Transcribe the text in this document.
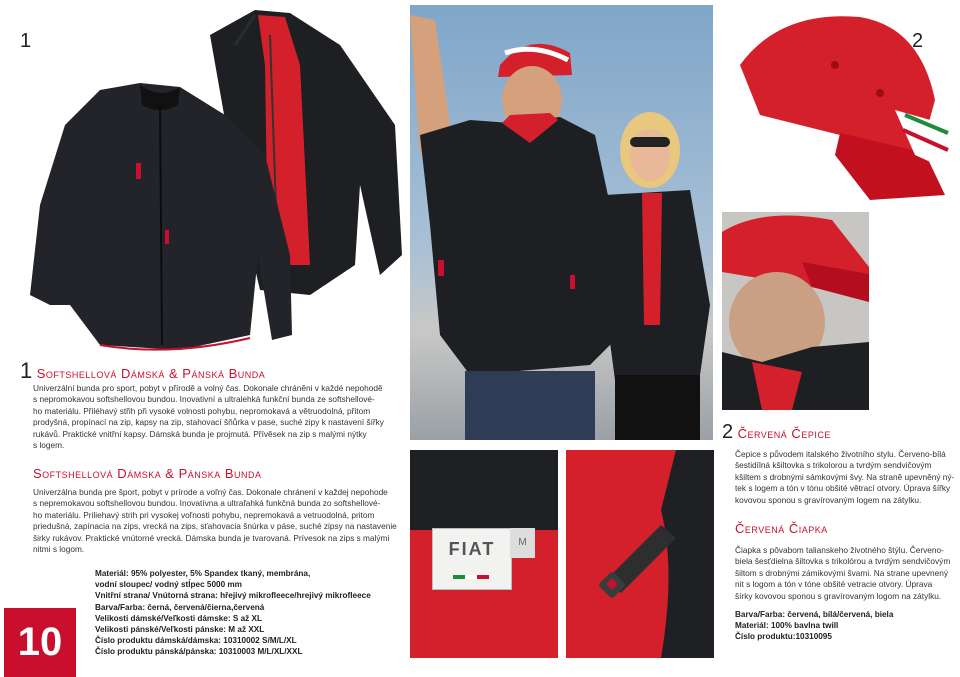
1	2
FIAT	M
1 Softshellová Dámská & Pánská Bunda
Univerzální bunda pro sport, pobyt v přírodě a volný čas. Dokonale chráněni v každé nepohodě
s nepromokavou softshellovou bundou. Inovativní a ultralehká funkční bunda ze softshellové-
ho materiálu. Přiléhavý střih při vysoké volnosti pohybu, nepromokavá a větruodolná, přitom
prodyšná, propínací na zip, kapsy na zip, stahovací šňůrka v pase, suché zipy k nastavení šířky
rukávů. Praktické vnitřní kapsy. Dámská bunda je projmutá. Přívěsek na zip s malými nýtky
s logem.
Softshellová Dámska & Pánska Bunda
Univerzálna bunda pre šport, pobyt v prírode a voľný čas. Dokonale chránení v každej nepohode
s nepremokavou softshellovou bundou. Inovatívna a ultraľahká funkčná bunda zo softshellové-
ho materiálu. Priliehavý strih pri vysokej voľnosti pohybu, nepremokavá a vetruodolná, pritom
priedušná, zapínacia na zips, vrecká na zips, sťahovacia šnúrka v páse, suché zipsy na nastavenie
širky rukávov. Praktické vnútorné vrecká. Dámska bunda je tvarovaná. Prívesok na zips s malými
nitmi s logom.
10
Materiál: 95% polyester, 5% Spandex tkaný, membrána,
vodní sloupec/ vodný stĺpec 5000 mm
Vnitřní strana/ Vnútorná strana: hřejivý mikrofleece/hrejivý mikrofleece
Barva/Farba: černá, červená/čierna,červená
Velikosti dámské/Veľkosti dámske: S až XL
Velikosti pánské/Veľkosti pánske: M až XXL
Číslo produktu dámská/dámska: 10310002 S/M/L/XL
Číslo produktu pánská/pánska: 10310003 M/L/XL/XXL
2 Červená Čepice
Čepice s původem italského životního stylu. Červeno-bílá
šestidílná kšiltovka s trikolorou a tvrdým sendvičovým
kšiltem s drobnými sámkovými švy. Na straně upevněný ný-
tek s logem a tón v tónu obšité větrací otvory. Úprava šířky
kovovou sponou s gravírovaným logem na zátylku.
Červená Čiapka
Čiapka s pôvabom talianskeho životného štýlu. Červeno-
biela šesťdielna šiltovka s trikolórou a tvrdým sendvičovým
šiltom s drobnými zámikovými švami. Na strane upevnený
nit s logom a tón v tóne obšité vetracie otvory. Úprava
šírky kovovou sponou s gravírovaným logom na zátylku.
Barva/Farba: červená, bílá/červená, biela
Materiál: 100% bavlna twill
Číslo produktu:10310095
